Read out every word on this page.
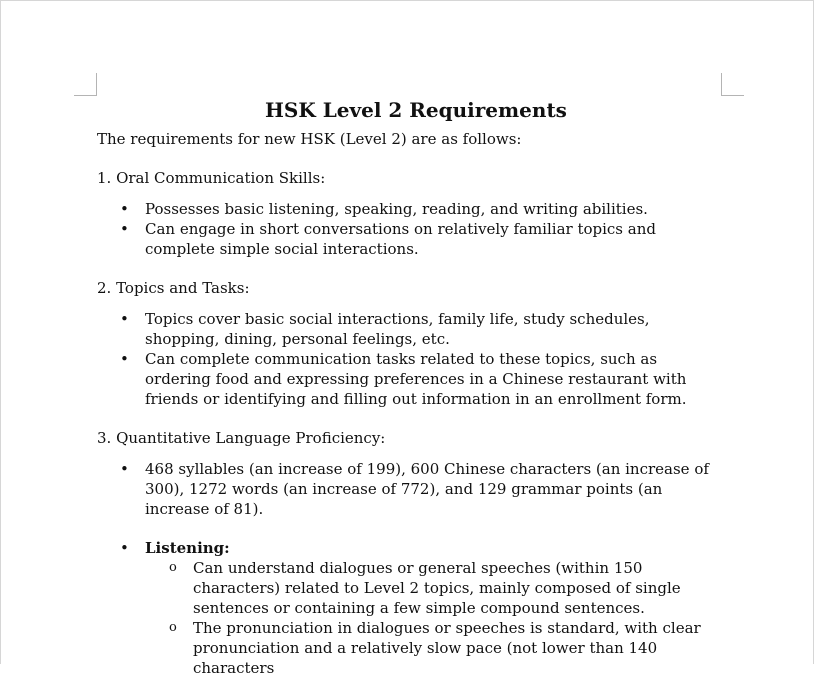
HSK Level 2 Requirements

The requirements for new HSK (Level 2) are as follows:

1. Oral Communication Skills:

• Possesses basic listening, speaking, reading, and writing abilities.
• Can engage in short conversations on relatively familiar topics and complete simple social interactions.

2. Topics and Tasks:

• Topics cover basic social interactions, family life, study schedules, shopping, dining, personal feelings, etc.
• Can complete communication tasks related to these topics, such as ordering food and expressing preferences in a Chinese restaurant with friends or identifying and filling out information in an enrollment form.

3. Quantitative Language Proficiency:

• 468 syllables (an increase of 199), 600 Chinese characters (an increase of 300), 1272 words (an increase of 772), and 129 grammar points (an increase of 81).
• Listening:
o Can understand dialogues or general speeches (within 150 characters) related to Level 2 topics, mainly composed of single sentences or containing a few simple compound sentences.
o The pronunciation in dialogues or speeches is standard, with clear pronunciation and a relatively slow pace (not lower than 140 characters
